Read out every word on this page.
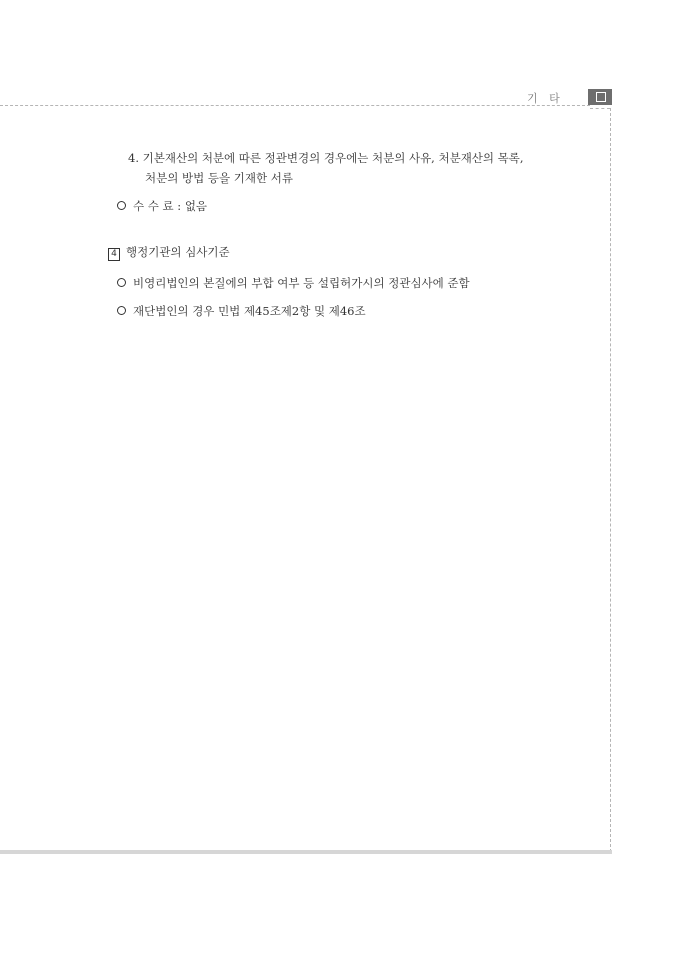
기 타
4. 기본재산의 처분에 따른 정관변경의 경우에는 처분의 사유, 처분재산의 목록,
처분의 방법 등을 기재한 서류
수 수 료 : 없음
4 행정기관의 심사기준
비영리법인의 본질에의 부합 여부 등 설립허가시의 정관심사에 준함
재단법인의 경우 민법 제45조제2항 및 제46조
